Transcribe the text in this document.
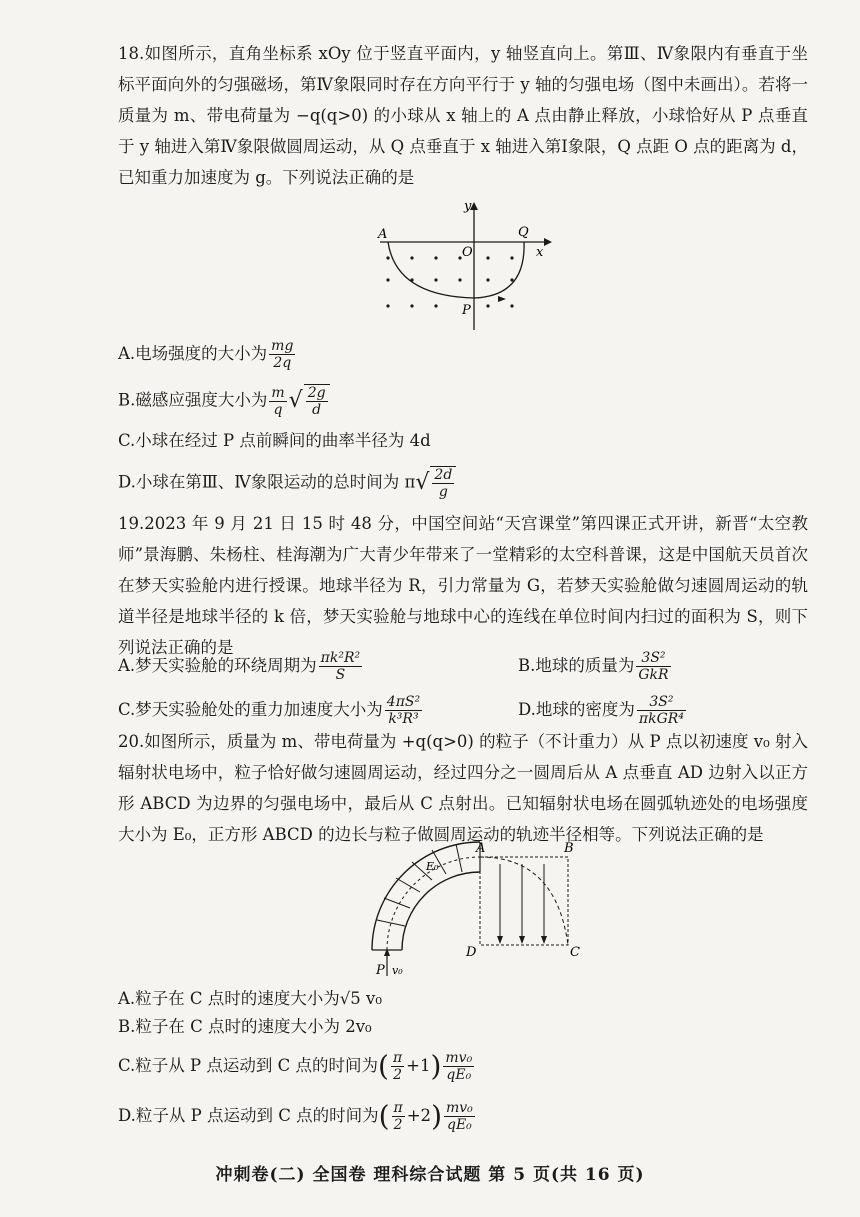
18.如图所示，直角坐标系 xOy 位于竖直平面内，y 轴竖直向上。第Ⅲ、Ⅳ象限内有垂直于坐标平面向外的匀强磁场，第Ⅳ象限同时存在方向平行于 y 轴的匀强电场（图中未画出）。若将一质量为 m、带电荷量为 −q(q>0) 的小球从 x 轴上的 A 点由静止释放，小球恰好从 P 点垂直于 y 轴进入第Ⅳ象限做圆周运动，从 Q 点垂直于 x 轴进入第Ⅰ象限，Q 点距 O 点的距离为 d，已知重力加速度为 g。下列说法正确的是
A
O
Q
P
y
x
A.电场强度的大小为 $\frac{mg}{2q}$
B.磁感应强度大小为 $\frac{m}{q}$ √ $\frac{2g}{d}$
C.小球在经过 P 点前瞬间的曲率半径为 4d
D.小球在第Ⅲ、Ⅳ象限运动的总时间为 $\pi√ \frac{2d}{g}$
19.2023 年 9 月 21 日 15 时 48 分，中国空间站“天宫课堂”第四课正式开讲，新晋“太空教师”景海鹏、朱杨柱、桂海潮为广大青少年带来了一堂精彩的太空科普课，这是中国航天员首次在梦天实验舱内进行授课。地球半径为 R，引力常量为 G，若梦天实验舱做匀速圆周运动的轨道半径是地球半径的 k 倍，梦天实验舱与地球中心的连线在单位时间内扫过的面积为 S，则下列说法正确的是
A.梦天实验舱的环绕周期为 $\frac{\text{πk²R²}}{S}$	B.地球的质量为 $\frac{\text{3S²}}{\text{GkR}}$
C.梦天实验舱处的重力加速度大小为 $\frac{\text{4πS²}}{\text{k³R³}}$	D.地球的密度为 $\frac{\text{3S²}}{\text{πkGR⁴}}$
20.如图所示，质量为 m、带电荷量为 +q(q>0) 的粒子（不计重力）从 P 点以初速度 v₀ 射入辐射状电场中，粒子恰好做匀速圆周运动，经过四分之一圆周后从 A 点垂直 AD 边射入以正方形 ABCD 为边界的匀强电场中，最后从 C 点射出。已知辐射状电场在圆弧轨迹处的电场强度大小为 E₀，正方形 ABCD 的边长与粒子做圆周运动的轨迹半径相等。下列说法正确的是
A	B
C
D
P v₀
E₀
A.粒子在 C 点时的速度大小为√5 v₀
B.粒子在 C 点时的速度大小为 2v₀
C.粒子从 P 点运动到 C 点的时间为( $\frac{\pi}{2} +1) \frac{\text{mv₀}}{\text{qE₀}}$
D.粒子从 P 点运动到 C 点的时间为( $\frac{\pi}{2} +2) \frac{\text{mv₀}}{\text{qE₀}}$
冲刺卷(二) 全国卷 理科综合试题 第 5 页(共 16 页)
